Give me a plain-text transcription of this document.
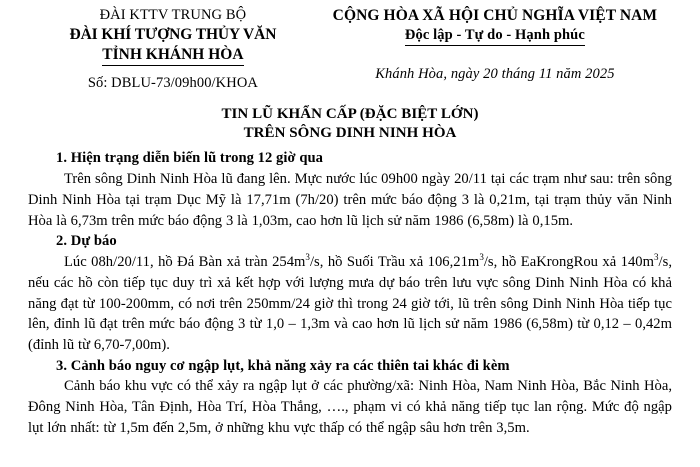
ĐÀI KTTV TRUNG BỘ
ĐÀI KHÍ TƯỢNG THỦY VĂN
TỈNH KHÁNH HÒA
Số: DBLU-73/09h00/KHOA
CỘNG HÒA XÃ HỘI CHỦ NGHĨA VIỆT NAM
Độc lập - Tự do - Hạnh phúc
Khánh Hòa, ngày 20 tháng 11 năm 2025
TIN LŨ KHẨN CẤP (ĐẶC BIỆT LỚN)
TRÊN SÔNG DINH NINH HÒA

1. Hiện trạng diễn biến lũ trong 12 giờ qua

Trên sông Dinh Ninh Hòa lũ đang lên. Mực nước lúc 09h00 ngày 20/11 tại các trạm như sau: trên sông Dinh Ninh Hòa tại trạm Dục Mỹ là 17,71m (7h/20) trên mức báo động 3 là 0,21m, tại trạm thủy văn Ninh Hòa là 6,73m trên mức báo động 3 là 1,03m, cao hơn lũ lịch sử năm 1986 (6,58m) là 0,15m.

2. Dự báo

Lúc 08h/20/11, hồ Đá Bàn xả tràn $254m^3/s$, hồ Suối Trầu xả $106,21m^3/s$, hồ EaKrongRou xả $140m^3/s$, nếu các hồ còn tiếp tục duy trì xả kết hợp với lượng mưa dự báo trên lưu vực sông Dinh Ninh Hòa có khả năng đạt từ 100-200mm, có nơi trên 250mm/24 giờ thì trong 24 giờ tới, lũ trên sông Dinh Ninh Hòa tiếp tục lên, đỉnh lũ đạt trên mức báo động 3 từ 1,0 – 1,3m và cao hơn lũ lịch sử năm 1986 (6,58m) từ 0,12 – 0,42m (đỉnh lũ từ 6,70-7,00m).

3. Cảnh báo nguy cơ ngập lụt, khả năng xảy ra các thiên tai khác đi kèm

Cảnh báo khu vực có thể xảy ra ngập lụt ở các phường/xã: Ninh Hòa, Nam Ninh Hòa, Bắc Ninh Hòa, Đông Ninh Hòa, Tân Định, Hòa Trí, Hòa Thắng, …., phạm vi có khả năng tiếp tục lan rộng. Mức độ ngập lụt lớn nhất: từ 1,5m đến 2,5m, ở những khu vực thấp có thể ngập sâu hơn trên 3,5m.
